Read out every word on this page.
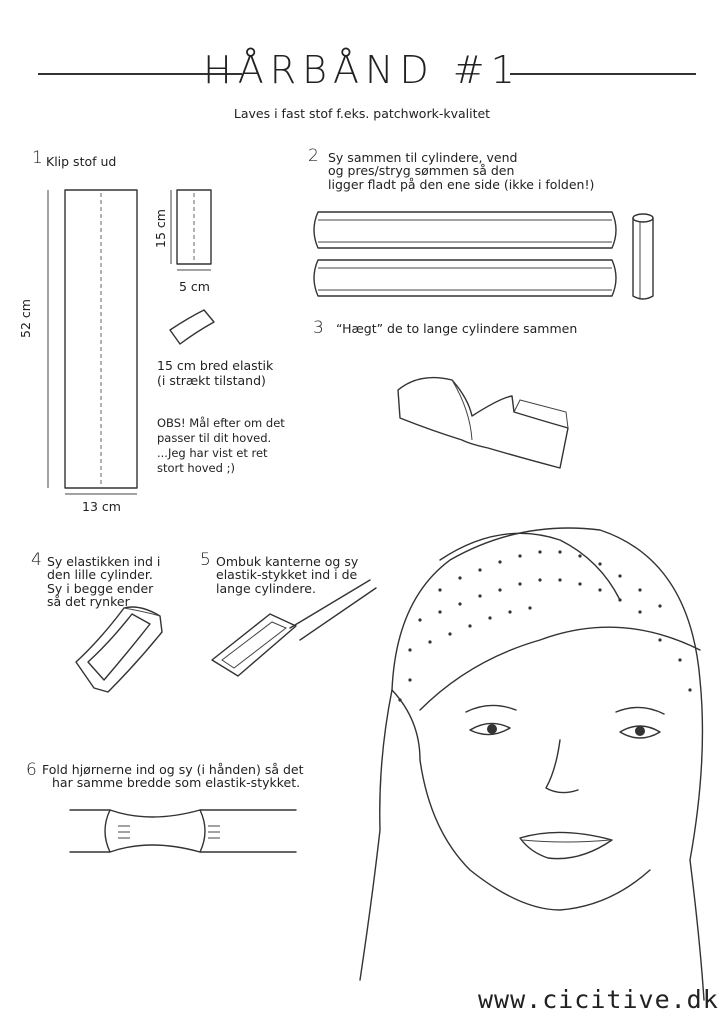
HÅRBÅND #1
Laves i fast stof f.eks. patchwork-kvalitet
1 Klip stof ud
52 cm
13 cm
15 cm
5 cm
15 cm bred elastik
(i strækt tilstand)
OBS! Mål efter om det
passer til dit hoved.
...Jeg har vist et ret
stort hoved ;)
2 Sy sammen til cylindere, vend
og pres/stryg sømmen så den
ligger fladt på den ene side (ikke i folden!)
3 “Hægt” de to lange cylindere sammen
4 Sy elastikken ind i
den lille cylinder.
Sy i begge ender
så det rynker
5 Ombuk kanterne og sy
elastik-stykket ind i de
lange cylindere.
6 Fold hjørnerne ind og sy (i hånden) så det
har samme bredde som elastik-stykket.
www.cicitive.dk
